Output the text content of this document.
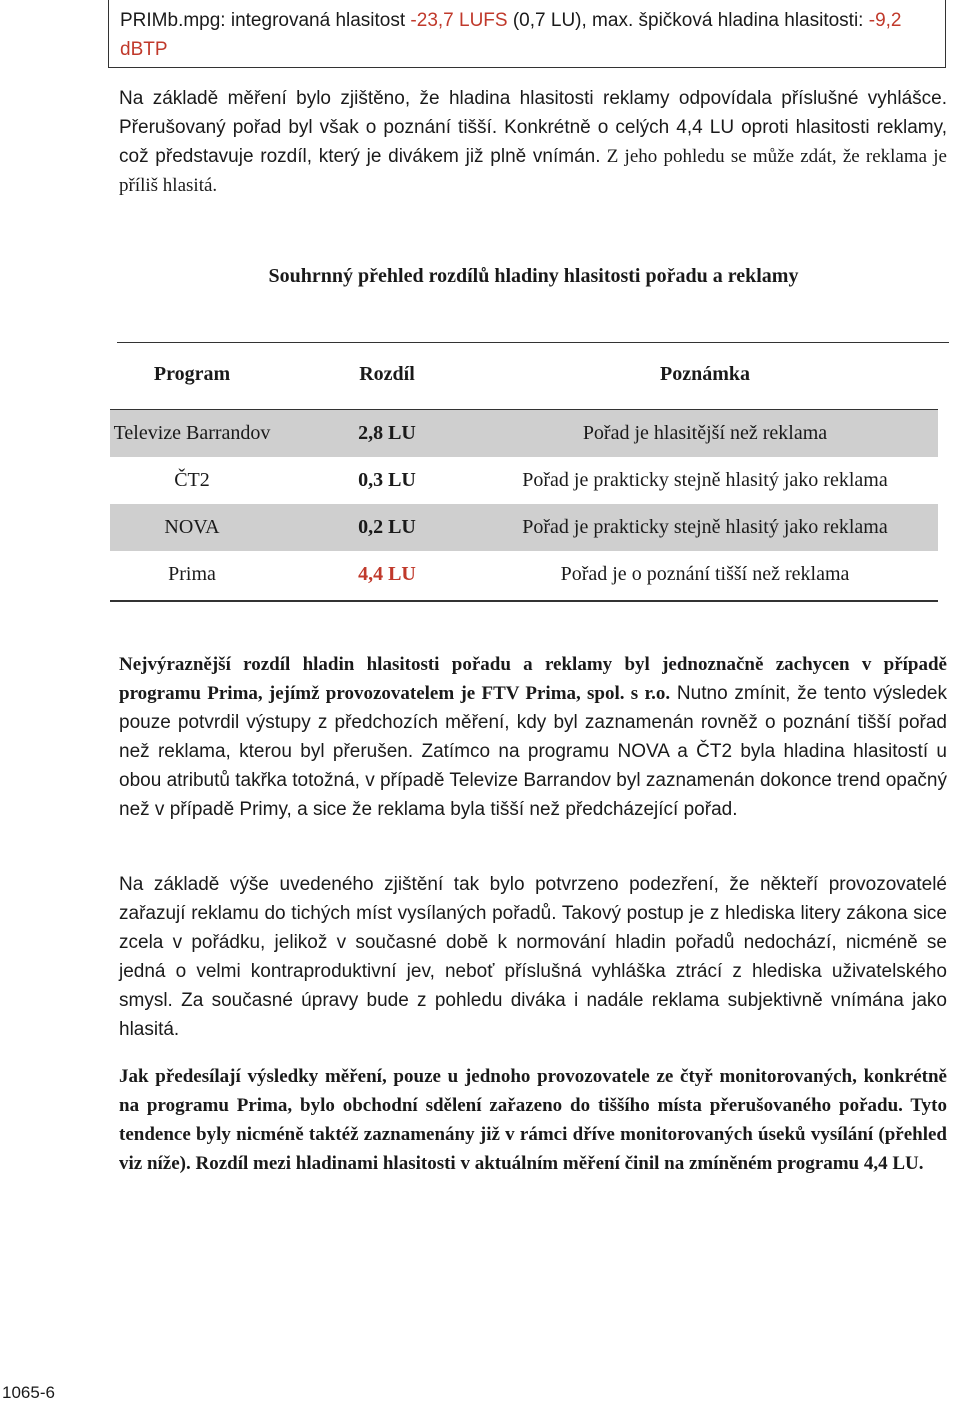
PRIMb.mpg: integrovaná hlasitost -23,7 LUFS (0,7 LU), max. špičková hladina hlasitosti: -9,2 dBTP
Na základě měření bylo zjištěno, že hladina hlasitosti reklamy odpovídala příslušné vyhlášce. Přerušovaný pořad byl však o poznání tišší. Konkrétně o celých 4,4 LU oproti hlasitosti reklamy, což představuje rozdíl, který je divákem již plně vnímán. Z jeho pohledu se může zdát, že reklama je příliš hlasitá.
Souhrnný přehled rozdílů hladiny hlasitosti pořadu a reklamy
Program	Rozdíl	Poznámka
Televize Barrandov	2,8 LU	Pořad je hlasitější než reklama
ČT2	0,3 LU	Pořad je prakticky stejně hlasitý jako reklama
NOVA	0,2 LU	Pořad je prakticky stejně hlasitý jako reklama
Prima	4,4 LU	Pořad je o poznání tišší než reklama
Nejvýraznější rozdíl hladin hlasitosti pořadu a reklamy byl jednoznačně zachycen v případě programu Prima, jejímž provozovatelem je FTV Prima, spol. s r.o. Nutno zmínit, že tento výsledek pouze potvrdil výstupy z předchozích měření, kdy byl zaznamenán rovněž o poznání tišší pořad než reklama, kterou byl přerušen. Zatímco na programu NOVA a ČT2 byla hladina hlasitostí u obou atributů takřka totožná, v případě Televize Barrandov byl zaznamenán dokonce trend opačný než v případě Primy, a sice že reklama byla tišší než předcházející pořad.
Na základě výše uvedeného zjištění tak bylo potvrzeno podezření, že někteří provozovatelé zařazují reklamu do tichých míst vysílaných pořadů. Takový postup je z hlediska litery zákona sice zcela v pořádku, jelikož v současné době k normování hladin pořadů nedochází, nicméně se jedná o velmi kontraproduktivní jev, neboť příslušná vyhláška ztrácí z hlediska uživatelského smysl. Za současné úpravy bude z pohledu diváka i nadále reklama subjektivně vnímána jako hlasitá.
Jak předesílají výsledky měření, pouze u jednoho provozovatele ze čtyř monitorovaných, konkrétně na programu Prima, bylo obchodní sdělení zařazeno do tiššího místa přerušovaného pořadu. Tyto tendence byly nicméně taktéž zaznamenány již v rámci dříve monitorovaných úseků vysílání (přehled viz níže). Rozdíl mezi hladinami hlasitosti v aktuálním měření činil na zmíněném programu 4,4 LU.
1065-6
